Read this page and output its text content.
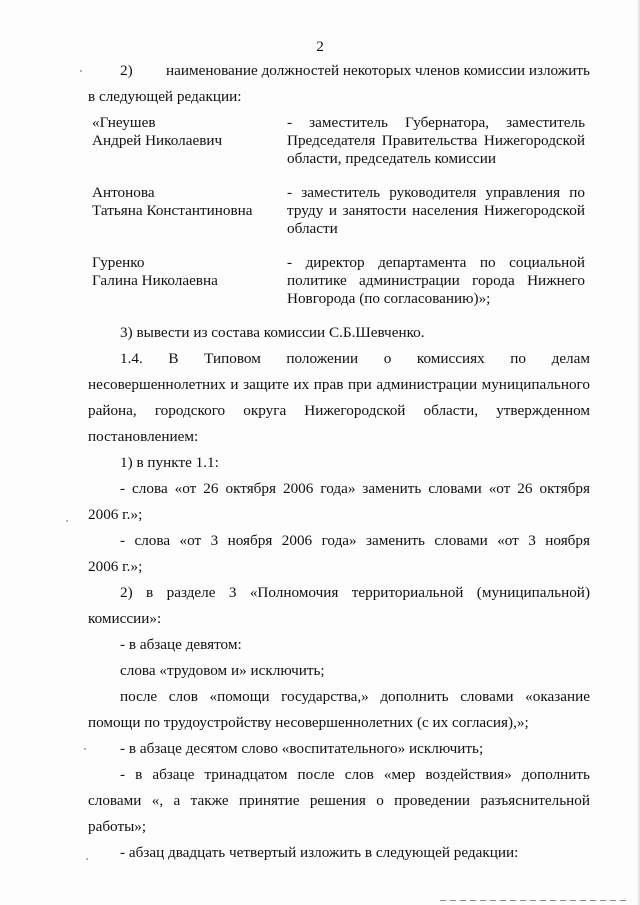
2
2) наименование должностей некоторых членов комиссии изложить
в следующей редакции:
«Гнеушев
Андрей Николаевич
- заместитель Губернатора, заместитель
Председателя Правительства Нижегородской
области, председатель комиссии
Антонова
Татьяна Константиновна
- заместитель руководителя управления по
труду и занятости населения Нижегородской
области
Гуренко
Галина Николаевна
- директор департамента по социальной
политике администрации города Нижнего
Новгорода (по согласованию)»;
3) вывести из состава комиссии С.Б.Шевченко.
1.4. В Типовом положении о комиссиях по делам
несовершеннолетних и защите их прав при администрации муниципального
района, городского округа Нижегородской области, утвержденном
постановлением:
1) в пункте 1.1:
- слова «от 26 октября 2006 года» заменить словами «от 26 октября
2006 г.»;
- слова «от 3 ноября 2006 года» заменить словами «от 3 ноября
2006 г.»;
2) в разделе 3 «Полномочия территориальной (муниципальной)
комиссии»:
- в абзаце девятом:
слова «трудовом и» исключить;
после слов «помощи государства,» дополнить словами «оказание
помощи по трудоустройству несовершеннолетних (с их согласия),»;
- в абзаце десятом слово «воспитательного» исключить;
- в абзаце тринадцатом после слов «мер воздействия» дополнить
словами «, а также принятие решения о проведении разъяснительной
работы»;
- абзац двадцать четвертый изложить в следующей редакции:
